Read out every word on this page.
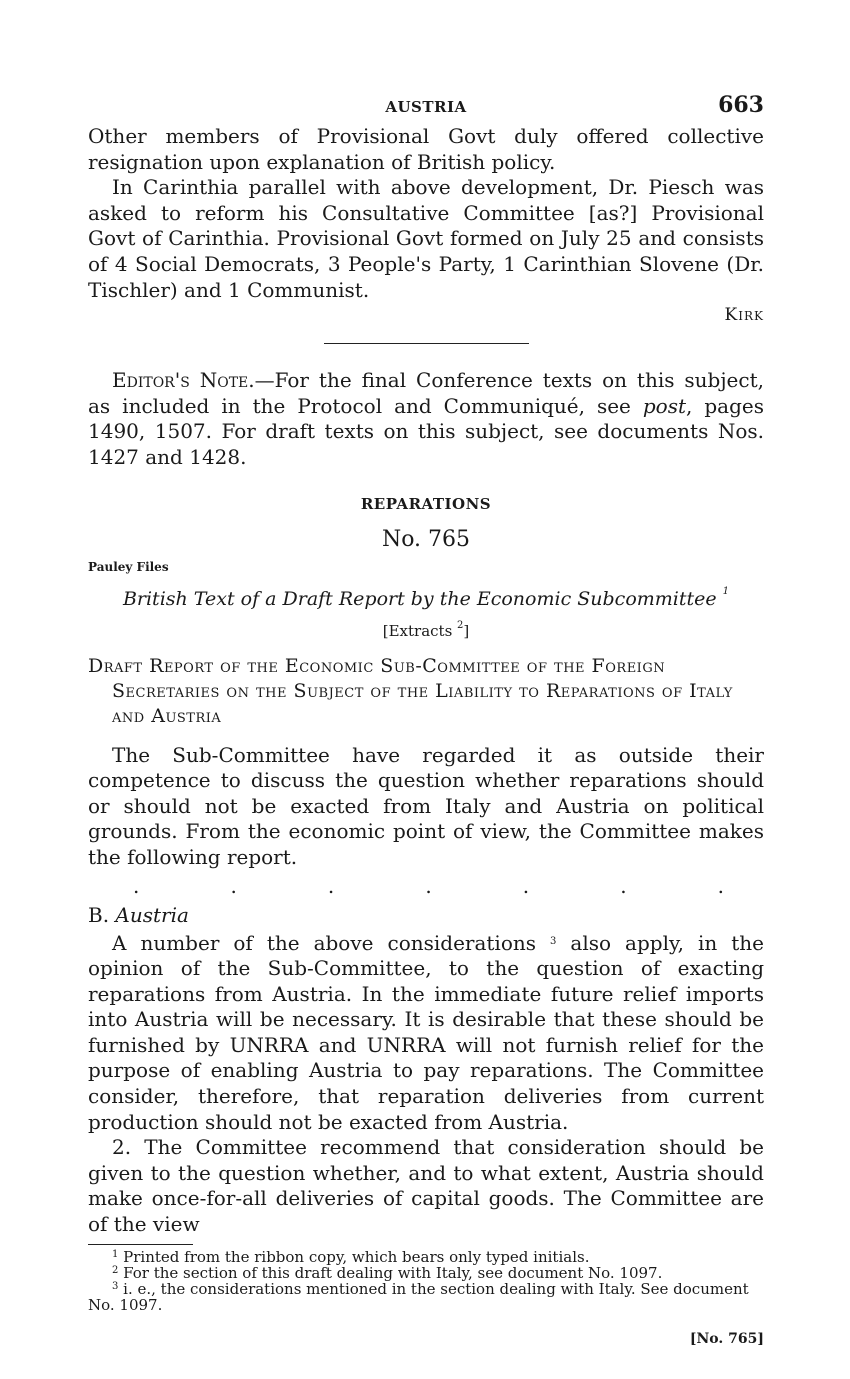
AUSTRIA	663

Other members of Provisional Govt duly offered collective resignation upon explanation of British policy.

In Carinthia parallel with above development, Dr. Piesch was asked to reform his Consultative Committee [as?] Provisional Govt of Carinthia. Provisional Govt formed on July 25 and consists of 4 Social Democrats, 3 People's Party, 1 Carinthian Slovene (Dr. Tischler) and 1 Communist.

Kirk

Editor's Note.—For the final Conference texts on this subject, as included in the Protocol and Communiqué, see post, pages 1490, 1507. For draft texts on this subject, see documents Nos. 1427 and 1428.

REPARATIONS
No. 765
Pauley Files
British Text of a Draft Report by the Economic Subcommittee $^1$
[Extracts $^2$]
Draft Report of the Economic Sub-Committee of the Foreign Secretaries on the Subject of the Liability to Reparations of Italy and Austria

The Sub-Committee have regarded it as outside their competence to discuss the question whether reparations should or should not be exacted from Italy and Austria on political grounds. From the economic point of view, the Committee makes the following report.

.	.	.	.	.	.	.
B. Austria

A number of the above considerations $^3$ also apply, in the opinion of the Sub-Committee, to the question of exacting reparations from Austria. In the immediate future relief imports into Austria will be necessary. It is desirable that these should be furnished by UNRRA and UNRRA will not furnish relief for the purpose of enabling Austria to pay reparations. The Committee consider, therefore, that reparation deliveries from current production should not be exacted from Austria.

2. The Committee recommend that consideration should be given to the question whether, and to what extent, Austria should make once-for-all deliveries of capital goods. The Committee are of the view

$^1$ Printed from the ribbon copy, which bears only typed initials.

$^2$ For the section of this draft dealing with Italy, see document No. 1097.

$^3$ i. e., the considerations mentioned in the section dealing with Italy. See document No. 1097.

[No. 765]
